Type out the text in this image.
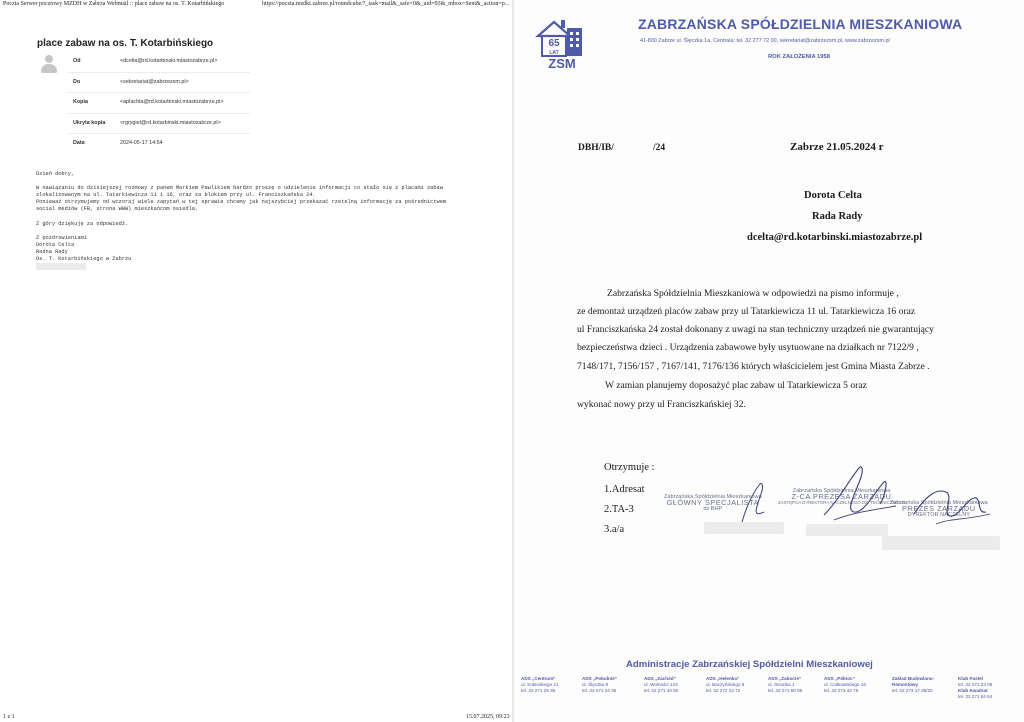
Poczta Serwer pocztowy MZDH w Zabrza Webmail :: place zabaw na os. T. Kotarbińskiego	https://poczta.mzdki.zabrze.pl/roundcube/?_task=mail&_safe=0&_uid=93&_mbox=Sent&_action=p...
place zabaw na os. T. Kotarbińskiego
Od	<dcelta@rd.kotarbinski.miastozabrze.pl>
Do	<sekretariat@zabrzezsm.pl>
Kopia	<aplachta@rd.kotarbinski.miastozabrze.pl>
Ukryta kopia	<rgrygiel@rd.kotarbinski.miastozabrze.pl>
Data	2024-05-17 14:54
Dzień dobry,
W nawiązaniu do dzisiejszej rozmowy z panem Markiem Pawlikiem bardzo proszę o udzielenie informacji co stało się z placami zabaw
zlokalizowanym na ul. Tatarkiewicza 11 i 16, oraz za blokiem przy ul. Franciszkańska 24.
Ponieważ otrzymujemy od wczoraj wiele zapytań w tej sprawie chcemy jak najszybciej przekazać rzetelną informację za pośrednictwem
social mediów (FB, strona WWW) mieszkańcom osiedla.
Z góry dziękuję za odpowiedź.
Z pozdrowieniami
Dorota Celta
Radna Rady
Os. T. Kotarbińskiego w Zabrzu
1 z 1	15.07.2025, 09:23
65
LAT
ZSM
ZABRZAŃSKA SPÓŁDZIELNIA MIESZKANIOWA
41-800 Zabrze ul. Ślęczka 1a, Centrala: tel. 32 277 72 00, sekretariat@zabrzezsm.pl, www.zabrzezsm.pl
ROK ZAŁOŻENIA 1958
DBH/IB/	/24	Zabrze 21.05.2024 r
Dorota Celta
Rada Rady
dcelta@rd.kotarbinski.miastozabrze.pl
Zabrzańska Spółdzielnia Mieszkaniowa w odpowiedzi na pismo informuje ,
ze demontaż urządzeń placów zabaw przy ul Tatarkiewicza 11 ul. Tatarkiewicza 16 oraz
ul Franciszkańska 24 został dokonany z uwagi na stan techniczny urządzeń nie gwarantujący
bezpieczeństwa dzieci . Urządzenia zabawowe były usytuowane na działkach nr 7122/9 ,
7148/171, 7156/157 , 7167/141, 7176/136 których właścicielem jest Gmina Miasta Zabrze .
W zamian planujemy doposażyć plac zabaw ul Tatarkiewicza 5 oraz
wykonać nowy przy ul Franciszkańskiej 32.
Otrzymuje :
1.Adresat
2.TA-3
3.a/a
Zabrzańska Spółdzielnia Mieszkaniowa
GŁÓWNY SPECJALISTA
ds BHP
Zabrzańska Spółdzielnia Mieszkaniowa
Z-CA PREZESA ZARZĄDU
ZASTĘPCA DYREKTORA NACZELNEGO DS. TECHNICZNYCH
Zabrzańska Spółdzielnia Mieszkaniowa
PREZES ZARZĄDU
DYREKTOR NACZELNY
Administracje Zabrzańskiej Spółdzielni Mieszkaniowej
ADS „Centrum”
ul. Sobieskiego 21
tel. 32 271 29 36
ADS „Południe”
ul. Ślęczka 8
tel. 32 271 24 35
ADS „Zachód”
ul. Wolności 123
tel. 32 271 43 50
ADS „Helenka”
ul. Baczyńskiego 6
tel. 32 272 23 72
ADS „Zaborze”
ul. Struzika 1
tel. 32 271 50 85
ADS „Północ”
ul. Ciołkowskiego 16
tel. 32 273 42 75
Zakład Budowlano-
Remontowy
tel. 32 273 17 39/20
Klub Pastel
tel. 32 271 23 09
Klub Kwadrat
tel. 32 271 84 64
